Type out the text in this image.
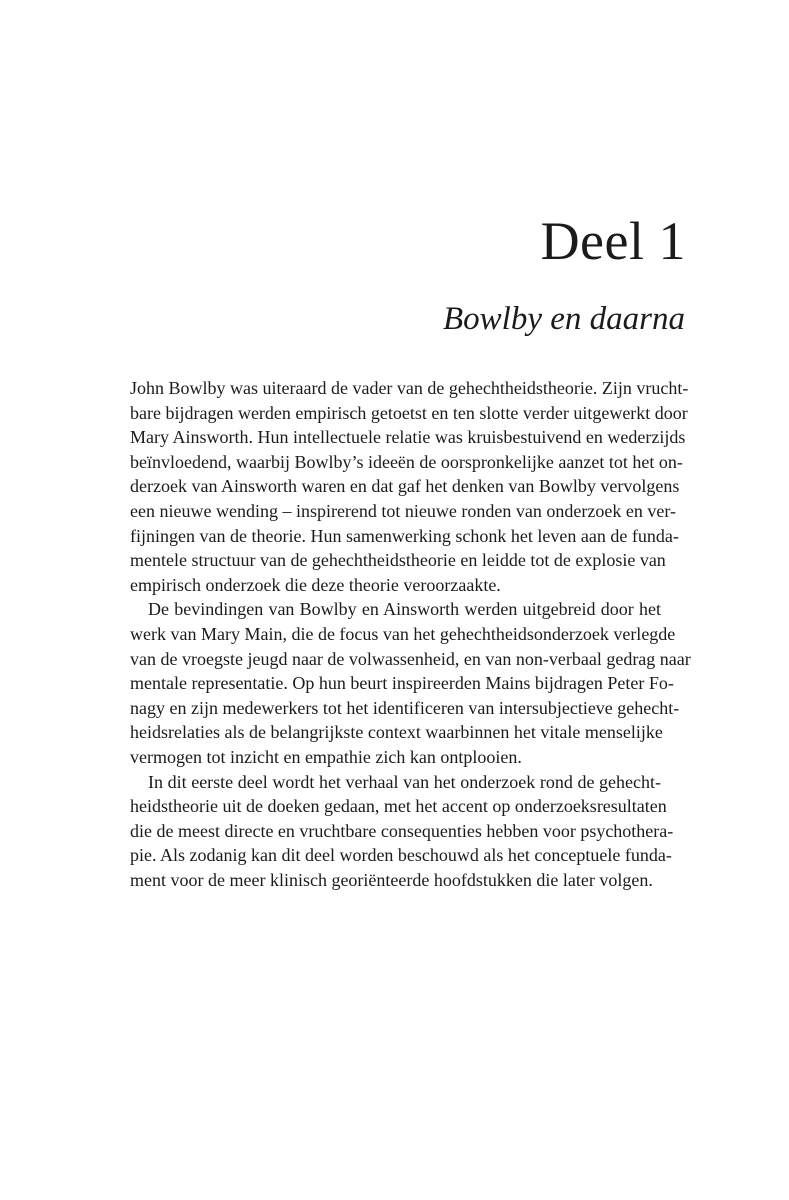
Deel 1
Bowlby en daarna

John Bowlby was uiteraard de vader van de gehechtheidstheorie. Zijn vrucht-
bare bijdragen werden empirisch getoetst en ten slotte verder uitgewerkt door
Mary Ainsworth. Hun intellectuele relatie was kruisbestuivend en wederzijds
beïnvloedend, waarbij Bowlby’s ideeën de oorspronkelijke aanzet tot het on-
derzoek van Ainsworth waren en dat gaf het denken van Bowlby vervolgens
een nieuwe wending – inspirerend tot nieuwe ronden van onderzoek en ver-
fijningen van de theorie. Hun samenwerking schonk het leven aan de funda-
mentele structuur van de gehechtheidstheorie en leidde tot de explosie van
empirisch onderzoek die deze theorie veroorzaakte.

De bevindingen van Bowlby en Ainsworth werden uitgebreid door het
werk van Mary Main, die de focus van het gehechtheidsonderzoek verlegde
van de vroegste jeugd naar de volwassenheid, en van non-verbaal gedrag naar
mentale representatie. Op hun beurt inspireerden Mains bijdragen Peter Fo-
nagy en zijn medewerkers tot het identificeren van intersubjectieve gehecht-
heidsrelaties als de belangrijkste context waarbinnen het vitale menselijke
vermogen tot inzicht en empathie zich kan ontplooien.

In dit eerste deel wordt het verhaal van het onderzoek rond de gehecht-
heidstheorie uit de doeken gedaan, met het accent op onderzoeksresultaten
die de meest directe en vruchtbare consequenties hebben voor psychothera-
pie. Als zodanig kan dit deel worden beschouwd als het conceptuele funda-
ment voor de meer klinisch georiënteerde hoofdstukken die later volgen.
